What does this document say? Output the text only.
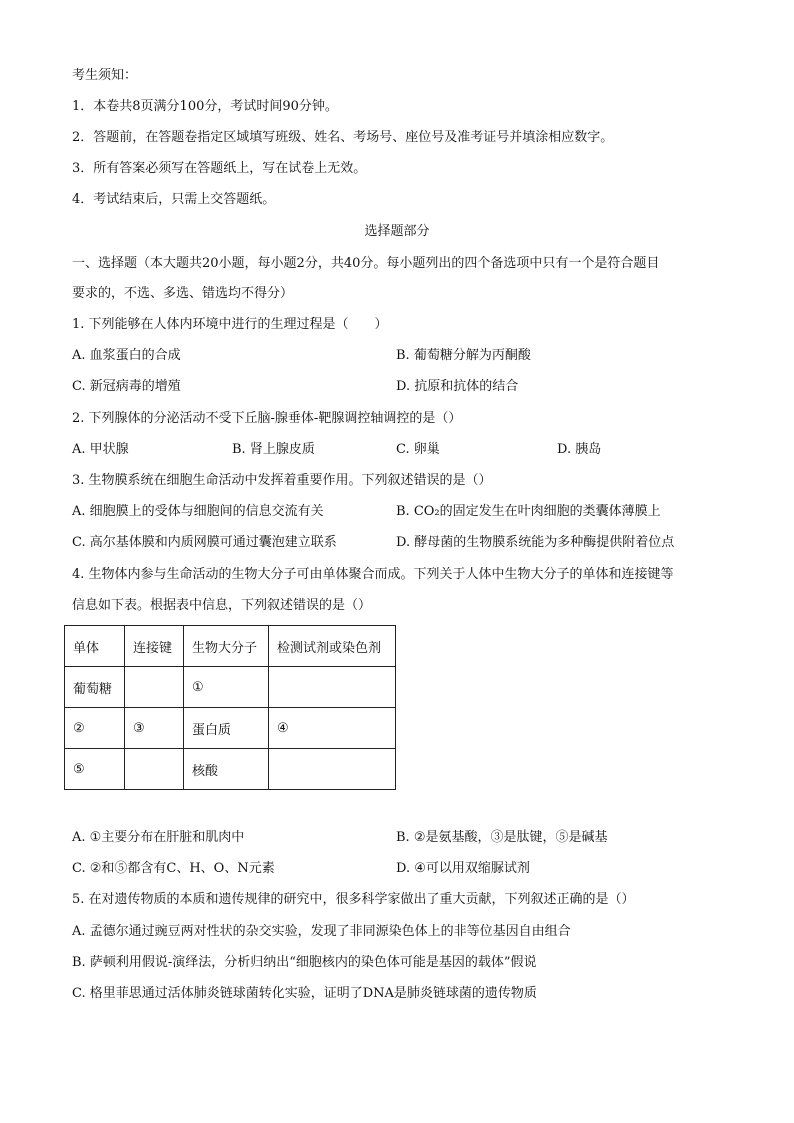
考生须知：
1．本卷共8页满分100分，考试时间90分钟。
2．答题前，在答题卷指定区域填写班级、姓名、考场号、座位号及准考证号并填涂相应数字。
3．所有答案必须写在答题纸上，写在试卷上无效。
4．考试结束后，只需上交答题纸。
选择题部分
一、选择题（本大题共20小题，每小题2分，共40分。每小题列出的四个备选项中只有一个是符合题目
要求的，不选、多选、错选均不得分）
1. 下列能够在人体内环境中进行的生理过程是（　　）
A. 血浆蛋白的合成	B. 葡萄糖分解为丙酮酸
C. 新冠病毒的增殖	D. 抗原和抗体的结合
2. 下列腺体的分泌活动不受下丘脑-腺垂体-靶腺调控轴调控的是（）
A. 甲状腺	B. 肾上腺皮质	C. 卵巢	D. 胰岛
3. 生物膜系统在细胞生命活动中发挥着重要作用。下列叙述错误的是（）
A. 细胞膜上的受体与细胞间的信息交流有关	B. CO₂的固定发生在叶肉细胞的类囊体薄膜上
C. 高尔基体膜和内质网膜可通过囊泡建立联系	D. 酵母菌的生物膜系统能为多种酶提供附着位点
4. 生物体内参与生命活动的生物大分子可由单体聚合而成。下列关于人体中生物大分子的单体和连接键等
信息如下表。根据表中信息，下列叙述错误的是（）
单体	连接键	生物大分子	检测试剂或染色剂
葡萄糖		①	
②	③	蛋白质	④
⑤		核酸	
A. ①主要分布在肝脏和肌肉中	B. ②是氨基酸，③是肽键，⑤是碱基
C. ②和⑤都含有C、H、O、N元素	D. ④可以用双缩脲试剂
5. 在对遗传物质的本质和遗传规律的研究中，很多科学家做出了重大贡献，下列叙述正确的是（）
A. 孟德尔通过豌豆两对性状的杂交实验，发现了非同源染色体上的非等位基因自由组合
B. 萨顿利用假说-演绎法，分析归纳出“细胞核内的染色体可能是基因的载体”假说
C. 格里菲思通过活体肺炎链球菌转化实验，证明了DNA是肺炎链球菌的遗传物质
